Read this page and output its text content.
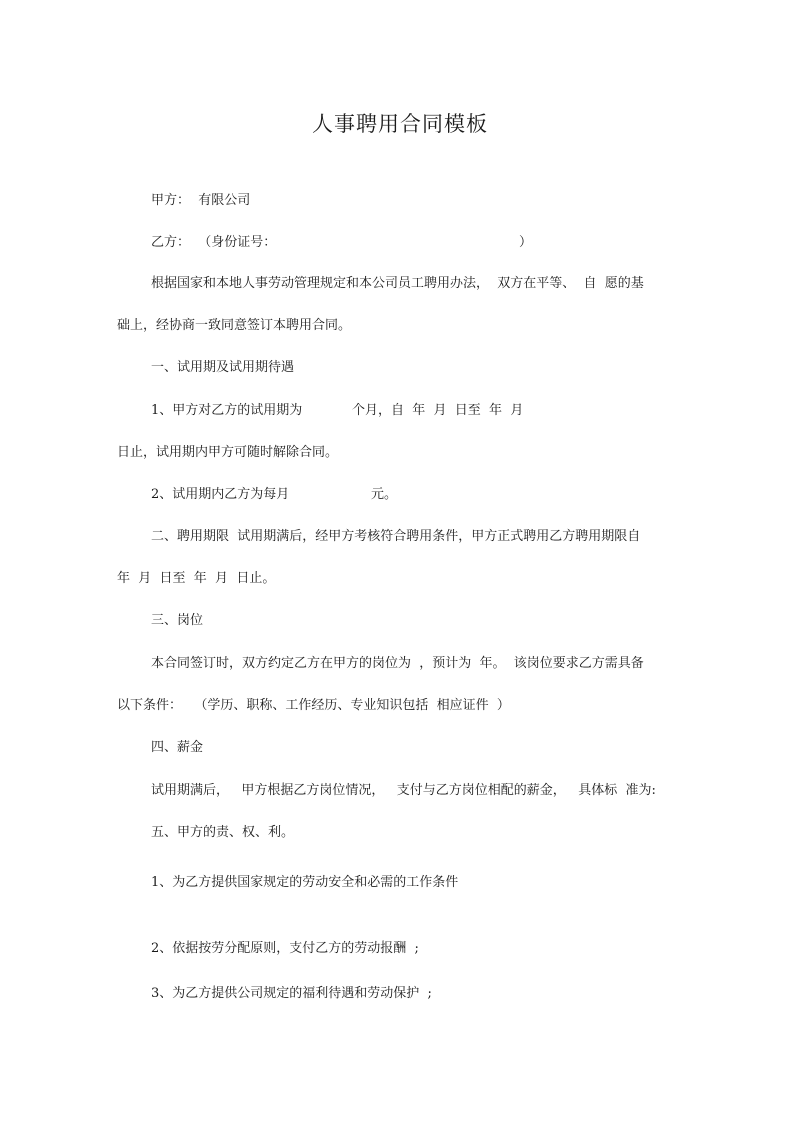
人事聘用合同模板
甲方：  有限公司
乙方：  （身份证号：	）
根据国家和本地人事劳动管理规定和本公司员工聘用办法，  双方在平等、  自  愿的基
础上，经协商一致同意签订本聘用合同。
一、试用期及试用期待遇
1、甲方对乙方的试用期为	个月，自  年  月  日至  年  月
日止，试用期内甲方可随时解除合同。
2、试用期内乙方为每月	元。
二、聘用期限  试用期满后，经甲方考核符合聘用条件，甲方正式聘用乙方聘用期限自
年  月  日至  年  月  日止。
三、岗位
本合同签订时，双方约定乙方在甲方的岗位为  ，预计为  年。  该岗位要求乙方需具备
以下条件：   （学历、职称、工作经历、专业知识包括  相应证件  ）
四、薪金
试用期满后，   甲方根据乙方岗位情况，   支付与乙方岗位相配的薪金，   具体标  准为:
五、甲方的责、权、利。
1、为乙方提供国家规定的劳动安全和必需的工作条件
2、依据按劳分配原则，支付乙方的劳动报酬  ;
3、为乙方提供公司规定的福利待遇和劳动保护  ;
